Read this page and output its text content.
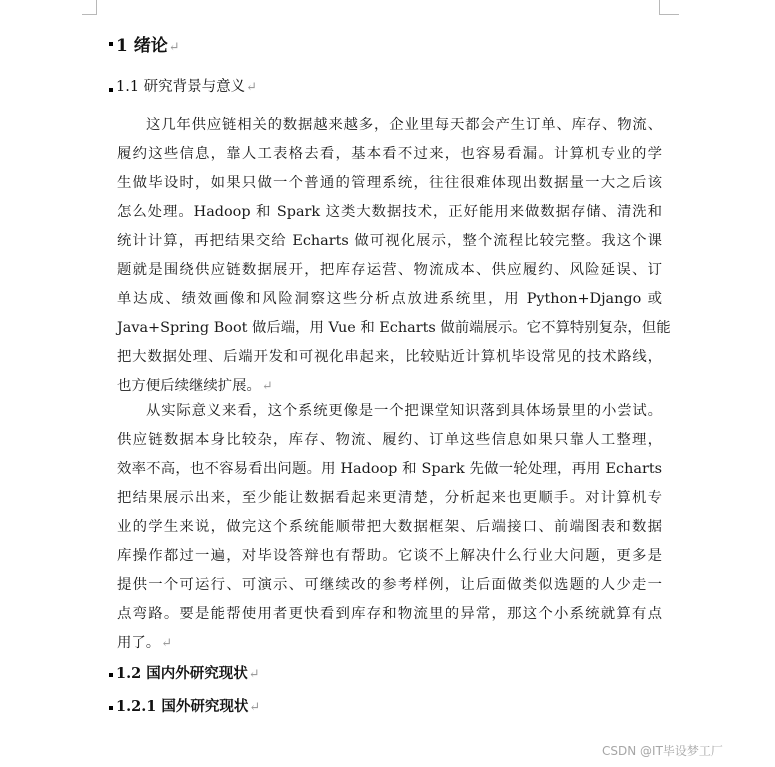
1 绪论↵
1.1 研究背景与意义↵
这几年供应链相关的数据越来越多，企业里每天都会产生订单、库存、物流、
履约这些信息，靠人工表格去看，基本看不过来，也容易看漏。计算机专业的学
生做毕设时，如果只做一个普通的管理系统，往往很难体现出数据量一大之后该
怎么处理。Hadoop 和 Spark 这类大数据技术，正好能用来做数据存储、清洗和
统计计算，再把结果交给 Echarts 做可视化展示，整个流程比较完整。我这个课
题就是围绕供应链数据展开，把库存运营、物流成本、供应履约、风险延误、订
单达成、绩效画像和风险洞察这些分析点放进系统里，用 Python+Django 或
Java+Spring Boot 做后端，用 Vue 和 Echarts 做前端展示。它不算特别复杂，但能
把大数据处理、后端开发和可视化串起来，比较贴近计算机毕设常见的技术路线，
也方便后续继续扩展。↵
从实际意义来看，这个系统更像是一个把课堂知识落到具体场景里的小尝试。
供应链数据本身比较杂，库存、物流、履约、订单这些信息如果只靠人工整理，
效率不高，也不容易看出问题。用 Hadoop 和 Spark 先做一轮处理，再用 Echarts
把结果展示出来，至少能让数据看起来更清楚，分析起来也更顺手。对计算机专
业的学生来说，做完这个系统能顺带把大数据框架、后端接口、前端图表和数据
库操作都过一遍，对毕设答辩也有帮助。它谈不上解决什么行业大问题，更多是
提供一个可运行、可演示、可继续改的参考样例，让后面做类似选题的人少走一
点弯路。要是能帮使用者更快看到库存和物流里的异常，那这个小系统就算有点
用了。↵
1.2 国内外研究现状↵
1.2.1 国外研究现状↵
CSDN @IT毕设梦工厂
